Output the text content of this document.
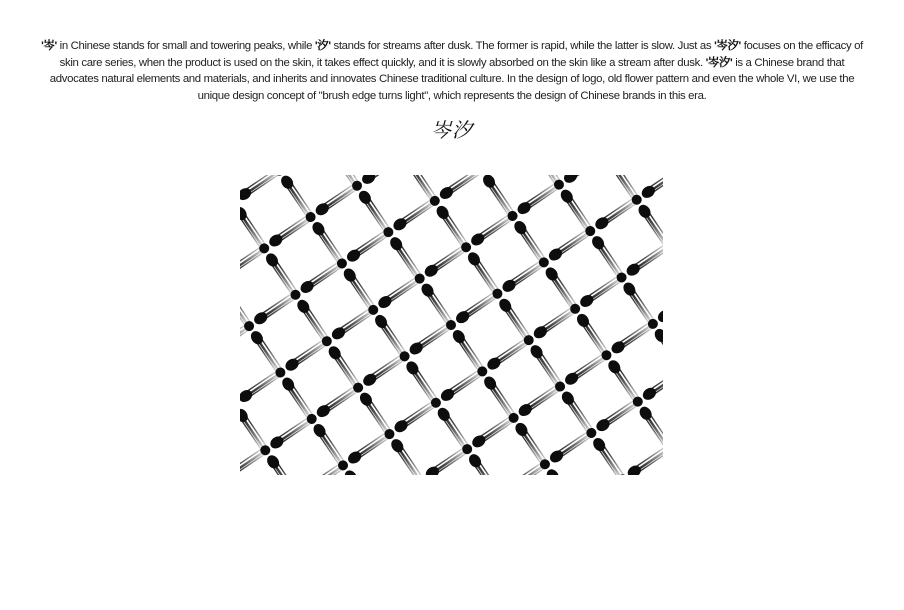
'岑' in Chinese stands for small and towering peaks, while '汐' stands for streams after dusk. The former is rapid, while the latter is slow. Just as '岑汐' focuses on the efficacy of skin care series, when the product is used on the skin, it takes effect quickly, and it is slowly absorbed on the skin like a stream after dusk. '岑汐' is a Chinese brand that advocates natural elements and materials, and inherits and innovates Chinese traditional culture. In the design of logo, old flower pattern and even the whole VI, we use the unique design concept of "brush edge turns light", which represents the design of Chinese brands in this era.
岑汐
